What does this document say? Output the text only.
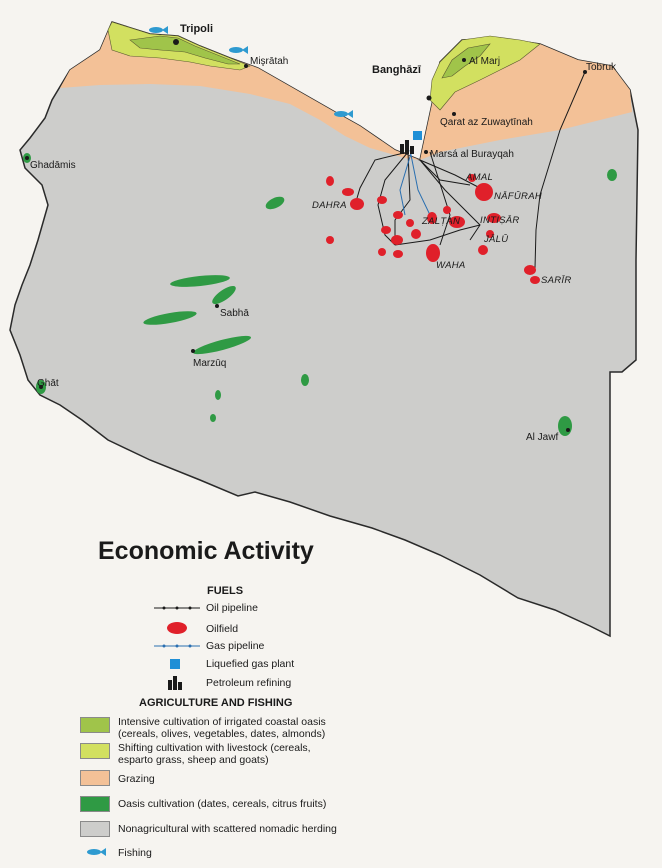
Tripoli
Mişrātah
Banghāzī
Al Marj
Tobruk
Qarat az Zuwaytīnah
Marsá al Burayqah
Ghadāmis
Sabhā
Marzūq
Ghāt
Al Jawf
AMAL
NĀFŪRAH
DAHRA
ZALṬAN INTIṢĀR
JĀLŪ
WAHA
SARĪR
Economic Activity
FUELS
Oil pipeline
Oilfield
Gas pipeline
Liquefied gas plant
Petroleum refining
AGRICULTURE AND FISHING
Intensive cultivation of irrigated coastal oasis
(cereals, olives, vegetables, dates, almonds)
Shifting cultivation with livestock (cereals,
esparto grass, sheep and goats)
Grazing
Oasis cultivation (dates, cereals, citrus fruits)
Nonagricultural with scattered nomadic herding
Fishing
